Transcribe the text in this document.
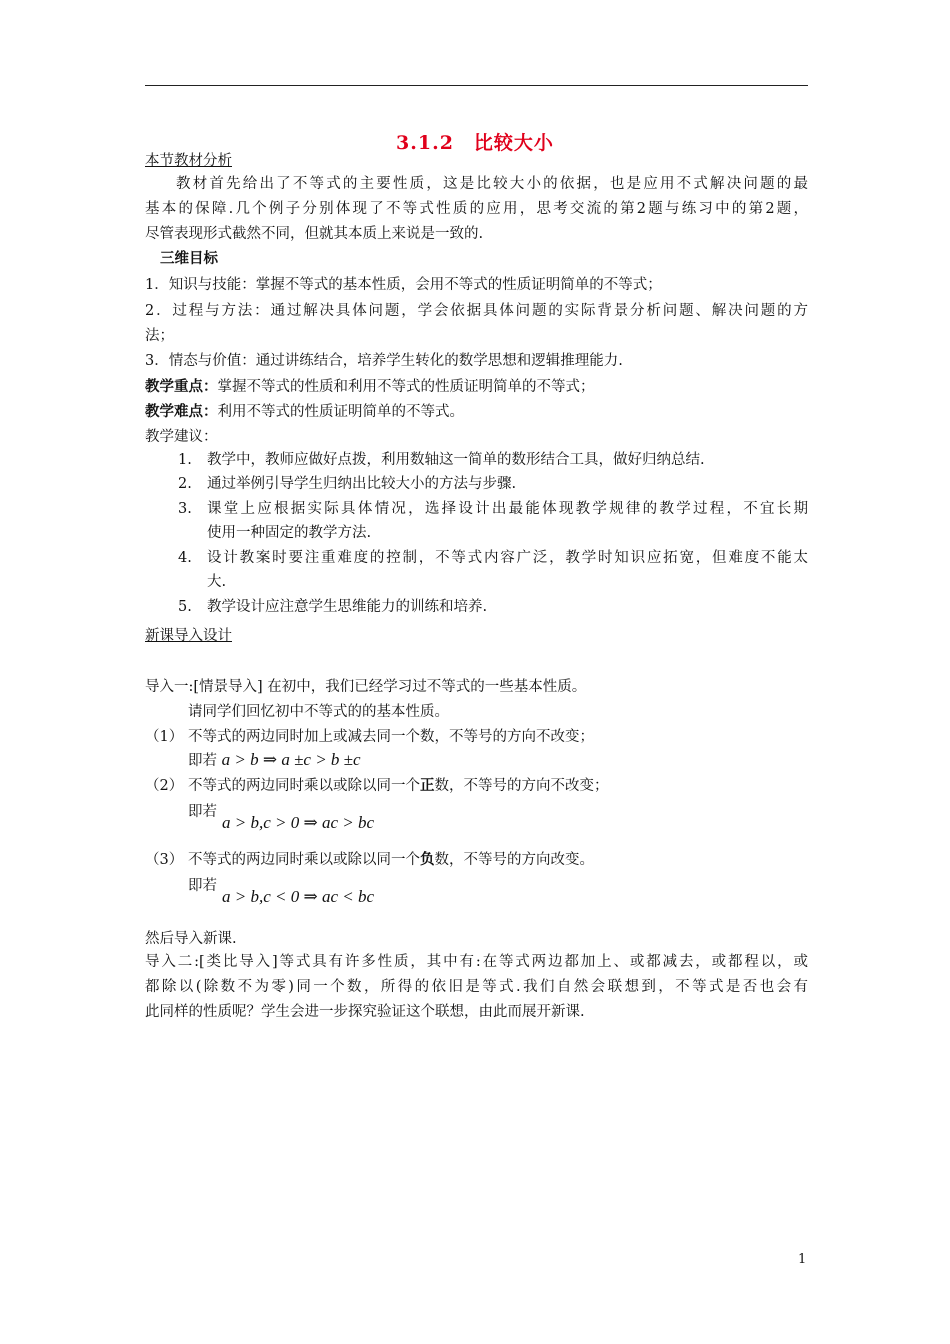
3.1.2　比较大小
本节教材分析
教材首先给出了不等式的主要性质，这是比较大小的依据，也是应用不式解决问题的最
基本的保障.几个例子分别体现了不等式性质的应用，思考交流的第2题与练习中的第2题，
尽管表现形式截然不同，但就其本质上来说是一致的.
三维目标
1．知识与技能：掌握不等式的基本性质，会用不等式的性质证明简单的不等式；
2．过程与方法：通过解决具体问题，学会依据具体问题的实际背景分析问题、解决问题的方
法；
3．情态与价值：通过讲练结合，培养学生转化的数学思想和逻辑推理能力.
教学重点：掌握不等式的性质和利用不等式的性质证明简单的不等式；
教学难点：利用不等式的性质证明简单的不等式。
教学建议：
1. 教学中，教师应做好点拨，利用数轴这一简单的数形结合工具，做好归纳总结.
2. 通过举例引导学生归纳出比较大小的方法与步骤.
3. 课堂上应根据实际具体情况，选择设计出最能体现教学规律的教学过程，不宜长期
使用一种固定的教学方法.
4. 设计教案时要注重难度的控制，不等式内容广泛，教学时知识应拓宽，但难度不能太
大.
5. 教学设计应注意学生思维能力的训练和培养.
新课导入设计
导入一:[情景导入] 在初中，我们已经学习过不等式的一些基本性质。
请同学们回忆初中不等式的的基本性质。
（1） 不等式的两边同时加上或减去同一个数，不等号的方向不改变；
即若 a > b ⇒ a ±c > b ±c
（2） 不等式的两边同时乘以或除以同一个正数，不等号的方向不改变；
即若
a > b,c > 0 ⇒ ac > bc
（3） 不等式的两边同时乘以或除以同一个负数，不等号的方向改变。
即若
a > b,c < 0 ⇒ ac < bc
然后导入新课.
导入二:[类比导入]等式具有许多性质，其中有:在等式两边都加上、或都减去，或都程以，或
都除以(除数不为零)同一个数，所得的依旧是等式.我们自然会联想到，不等式是否也会有
此同样的性质呢？学生会进一步探究验证这个联想，由此而展开新课.
1
